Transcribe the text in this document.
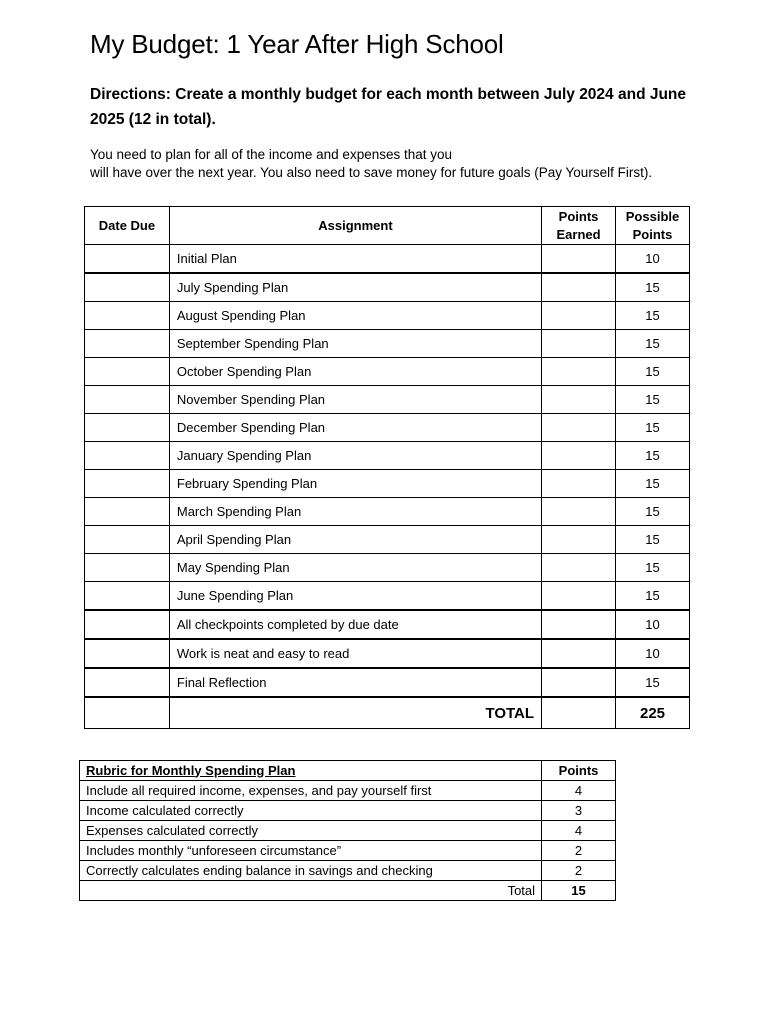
My Budget: 1 Year After High School
Directions: Create a monthly budget for each month between July 2024 and June 2025 (12 in total).
You need to plan for all of the income and expenses that you
will have over the next year. You also need to save money for future goals (Pay Yourself First).
Date Due	Assignment	Points Earned	Possible Points
	Initial Plan		10
	July Spending Plan		15
	August Spending Plan		15
	September Spending Plan		15
	October Spending Plan		15
	November Spending Plan		15
	December Spending Plan		15
	January Spending Plan		15
	February Spending Plan		15
	March Spending Plan		15
	April Spending Plan		15
	May Spending Plan		15
	June Spending Plan		15
	All checkpoints completed by due date		10
	Work is neat and easy to read		10
	Final Reflection		15
	TOTAL		225
Rubric for Monthly Spending Plan	Points
Include all required income, expenses, and pay yourself first	4
Income calculated correctly	3
Expenses calculated correctly	4
Includes monthly “unforeseen circumstance”	2
Correctly calculates ending balance in savings and checking	2
Total	15
